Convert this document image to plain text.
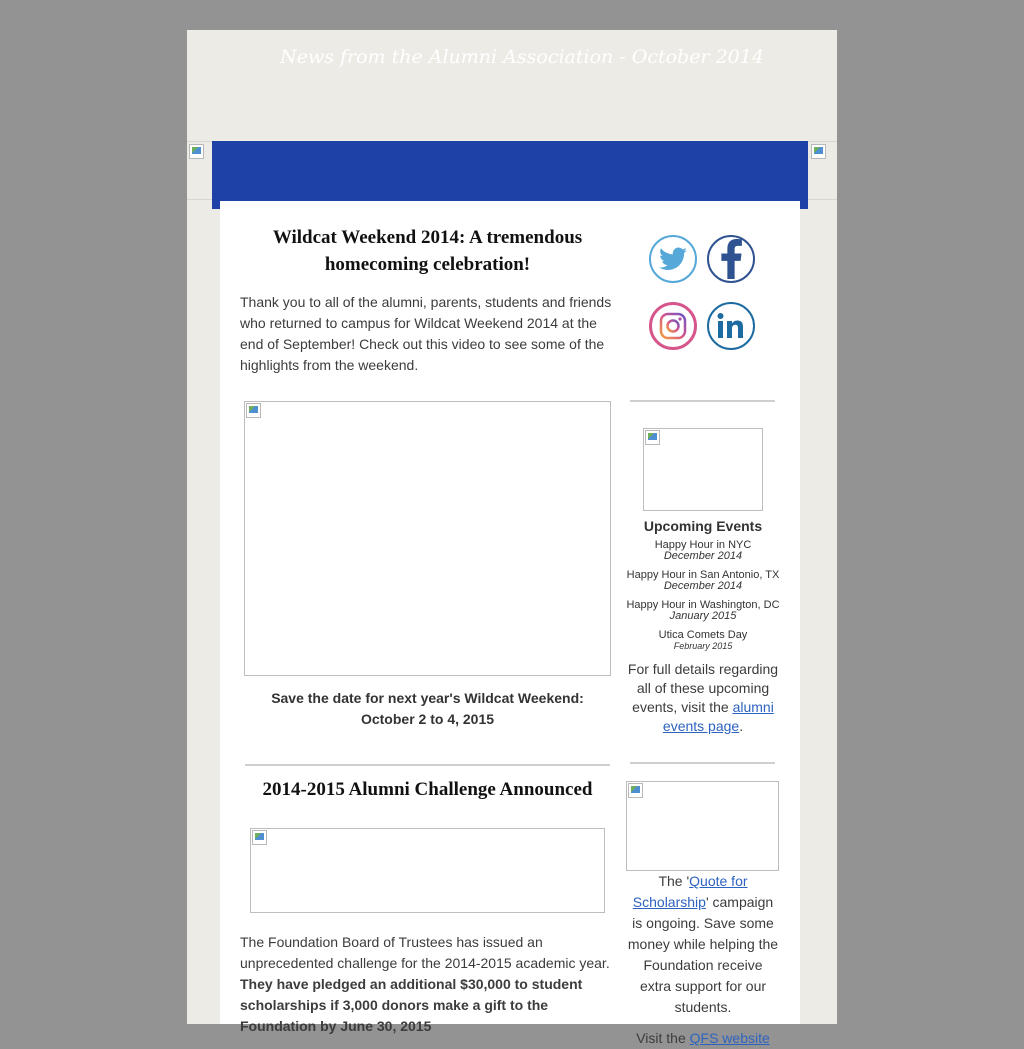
News from the Alumni Association - October 2014
Wildcat Weekend 2014: A tremendous homecoming celebration!

Thank you to all of the alumni, parents, students and friends who returned to campus for Wildcat Weekend 2014 at the end of September! Check out this video to see some of the highlights from the weekend.

Save the date for next year's Wildcat Weekend: October 2 to 4, 2015
2014-2015 Alumni Challenge Announced

The Foundation Board of Trustees has issued an unprecedented challenge for the 2014-2015 academic year. They have pledged an additional $30,000 to student scholarships if 3,000 donors make a gift to the Foundation by June 30, 2015

Upcoming Events
Happy Hour in NYC
December 2014
Happy Hour in San Antonio, TX
December 2014
Happy Hour in Washington, DC
January 2015
Utica Comets Day
February 2015
For full details regarding all of these upcoming events, visit the alumni events page.
The 'Quote for Scholarship' campaign is ongoing. Save some money while helping the Foundation receive extra support for our students.
Visit the QFS website
